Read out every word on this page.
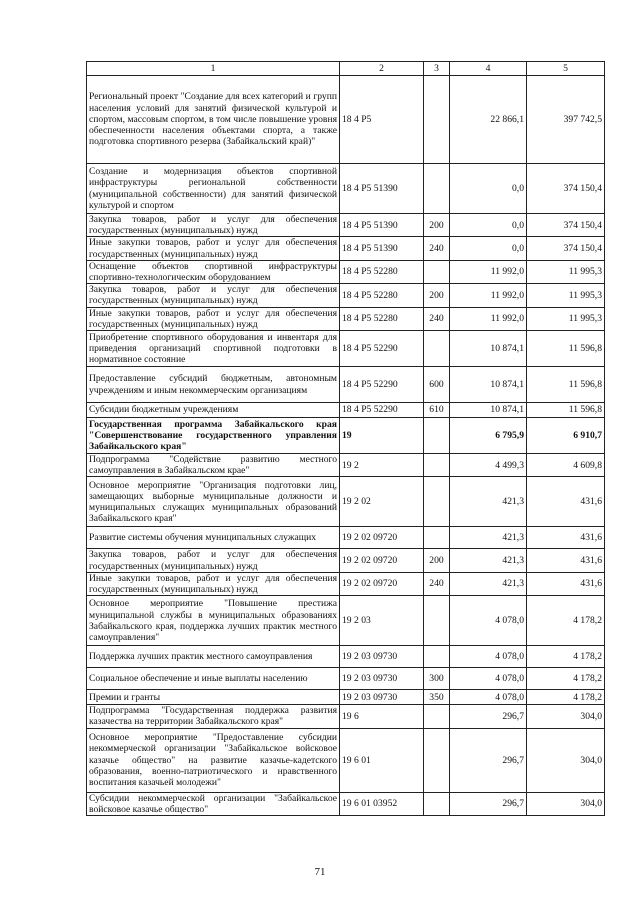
1	2	3	4	5
Региональный проект "Создание для всех категорий и групп населения условий для занятий физической культурой и спортом, массовым спортом, в том числе повышение уровня обеспеченности населения объектами спорта, а также подготовка спортивного резерва (Забайкальский край)"	18 4 P5		22 866,1	397 742,5
Создание и модернизация объектов спортивной инфраструктуры региональной собственности (муниципальной собственности) для занятий физической культурой и спортом	18 4 P5 51390		0,0	374 150,4
Закупка товаров, работ и услуг для обеспечения государственных (муниципальных) нужд	18 4 P5 51390	200	0,0	374 150,4
Иные закупки товаров, работ и услуг для обеспечения государственных (муниципальных) нужд	18 4 P5 51390	240	0,0	374 150,4
Оснащение объектов спортивной инфраструктуры спортивно-технологическим оборудованием	18 4 P5 52280		11 992,0	11 995,3
Закупка товаров, работ и услуг для обеспечения государственных (муниципальных) нужд	18 4 P5 52280	200	11 992,0	11 995,3
Иные закупки товаров, работ и услуг для обеспечения государственных (муниципальных) нужд	18 4 P5 52280	240	11 992,0	11 995,3
Приобретение спортивного оборудования и инвентаря для приведения организаций спортивной подготовки в нормативное состояние	18 4 P5 52290		10 874,1	11 596,8
Предоставление субсидий бюджетным, автономным учреждениям и иным некоммерческим организациям	18 4 P5 52290	600	10 874,1	11 596,8
Субсидии бюджетным учреждениям	18 4 P5 52290	610	10 874,1	11 596,8
Государственная программа Забайкальского края "Совершенствование государственного управления Забайкальского края"	19		6 795,9	6 910,7
Подпрограмма "Содействие развитию местного самоуправления в Забайкальском крае"	19 2		4 499,3	4 609,8
Основное мероприятие "Организация подготовки лиц, замещающих выборные муниципальные должности и муниципальных служащих муниципальных образований Забайкальского края"	19 2 02		421,3	431,6
Развитие системы обучения муниципальных служащих	19 2 02 09720		421,3	431,6
Закупка товаров, работ и услуг для обеспечения государственных (муниципальных) нужд	19 2 02 09720	200	421,3	431,6
Иные закупки товаров, работ и услуг для обеспечения государственных (муниципальных) нужд	19 2 02 09720	240	421,3	431,6
Основное мероприятие "Повышение престижа муниципальной службы в муниципальных образованиях Забайкальского края, поддержка лучших практик местного самоуправления"	19 2 03		4 078,0	4 178,2
Поддержка лучших практик местного самоуправления	19 2 03 09730		4 078,0	4 178,2
Социальное обеспечение и иные выплаты населению	19 2 03 09730	300	4 078,0	4 178,2
Премии и гранты	19 2 03 09730	350	4 078,0	4 178,2
Подпрограмма "Государственная поддержка развития казачества на территории Забайкальского края"	19 6		296,7	304,0
Основное мероприятие "Предоставление субсидии некоммерческой организации "Забайкальское войсковое казачье общество" на развитие казачье-кадетского образования, военно-патриотического и нравственного воспитания казачьей молодежи"	19 6 01		296,7	304,0
Субсидии некоммерческой организации "Забайкальское войсковое казачье общество"	19 6 01 03952		296,7	304,0
71
